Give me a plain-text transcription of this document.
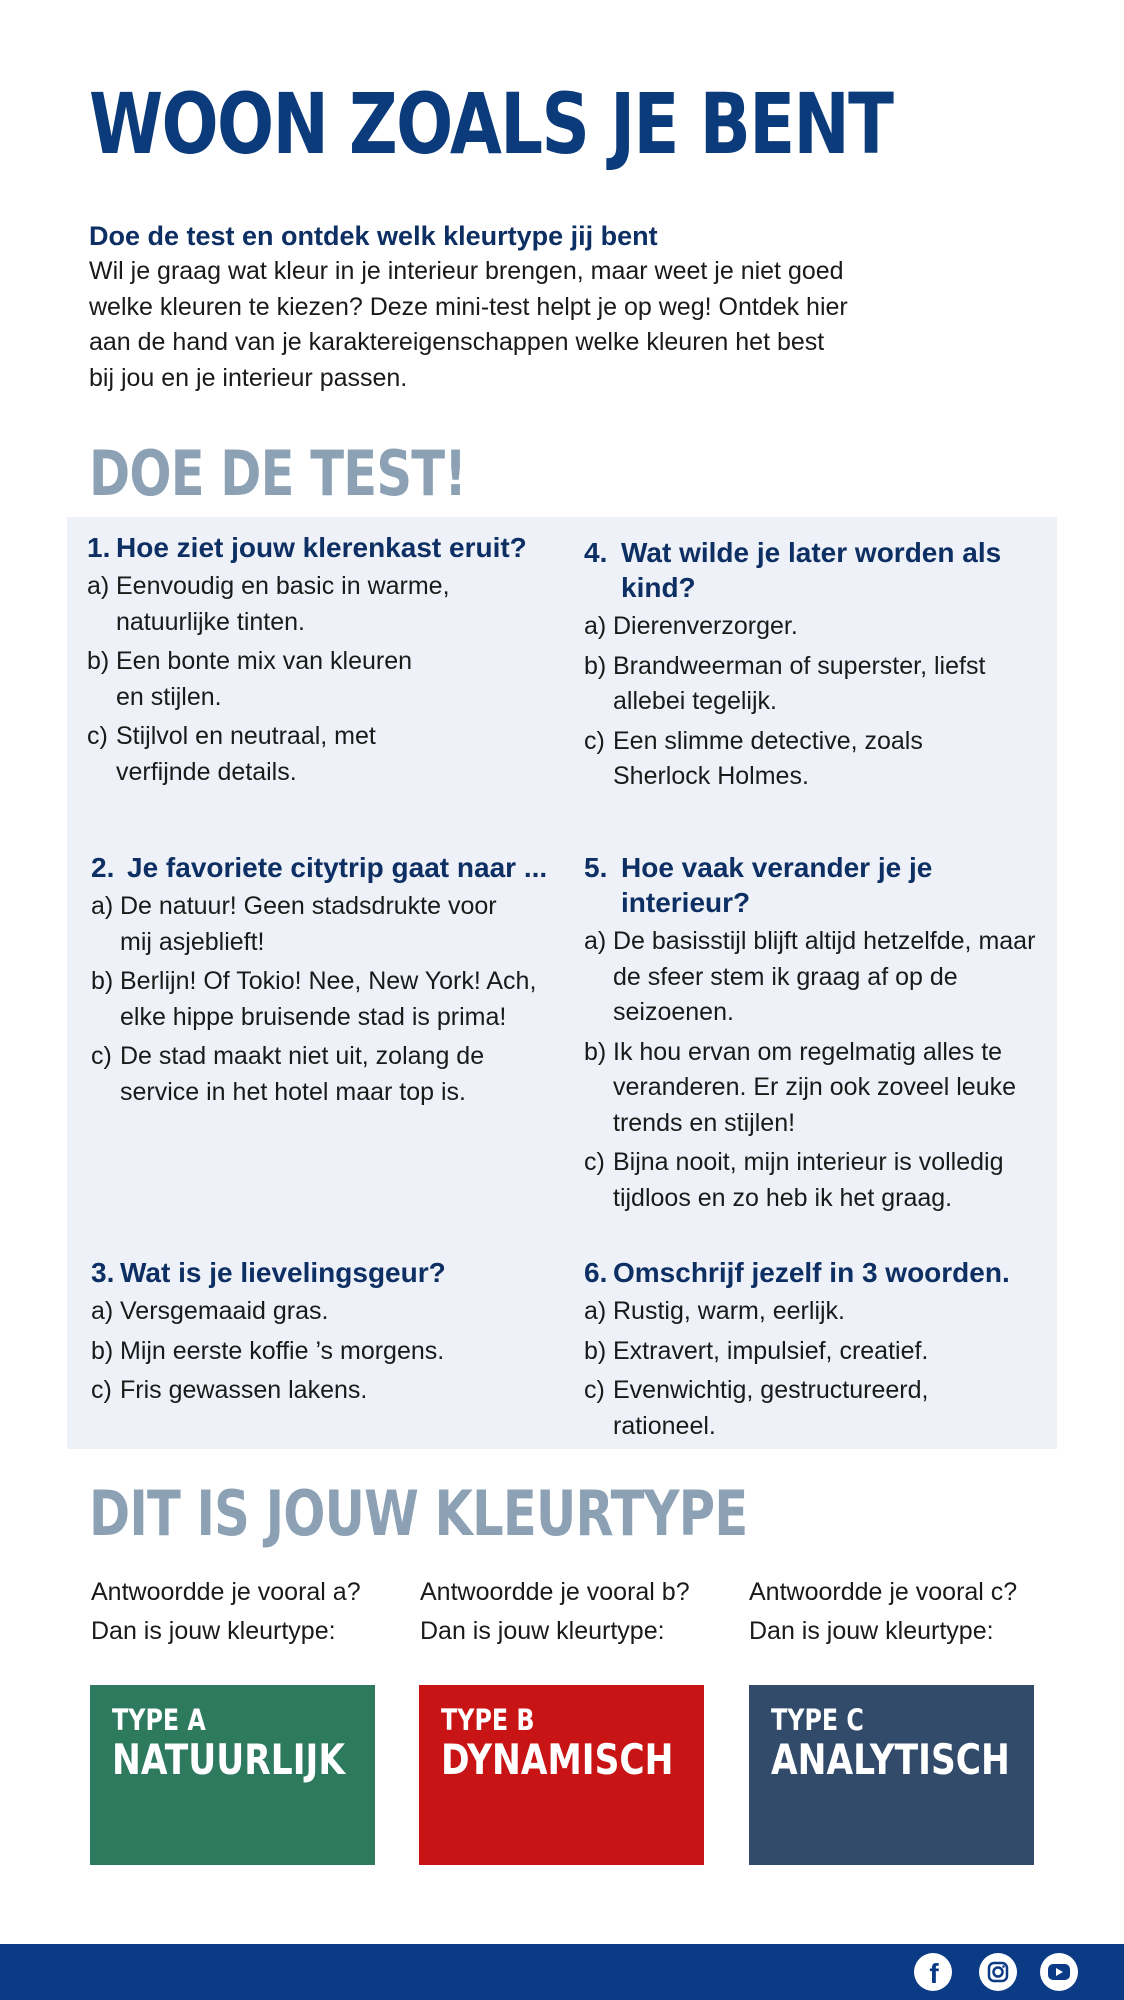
WOON ZOALS JE BENT

Doe de test en ontdek welk kleurtype jij bent

Wil je graag wat kleur in je interieur brengen, maar weet je niet goed welke kleuren te kiezen? Deze mini-test helpt je op weg! Ontdek hier aan de hand van je karaktereigenschappen welke kleuren het best bij jou en je interieur passen.

DOE DE TEST!

1. Hoe ziet jouw klerenkast eruit?

a) Eenvoudig en basic in warme, natuurlijke tinten.
b) Een bonte mix van kleuren en stijlen.
c) Stijlvol en neutraal, met verfijnde details.

2. Je favoriete citytrip gaat naar ...

a) De natuur! Geen stadsdrukte voor mij asjeblieft!
b) Berlijn! Of Tokio! Nee, New York! Ach, elke hippe bruisende stad is prima!
c) De stad maakt niet uit, zolang de service in het hotel maar top is.

3. Wat is je lievelingsgeur?

a) Versgemaaid gras.
b) Mijn eerste koffie ’s morgens.
c) Fris gewassen lakens.

4. Wat wilde je later worden als kind?

a) Dierenverzorger.
b) Brandweerman of superster, liefst allebei tegelijk.
c) Een slimme detective, zoals Sherlock Holmes.

5. Hoe vaak verander je je interieur?

a) De basisstijl blijft altijd hetzelfde, maar de sfeer stem ik graag af op de seizoenen.
b) Ik hou ervan om regelmatig alles te veranderen. Er zijn ook zoveel leuke trends en stijlen!
c) Bijna nooit, mijn interieur is volledig tijdloos en zo heb ik het graag.

6. Omschrijf jezelf in 3 woorden.

a) Rustig, warm, eerlijk.
b) Extravert, impulsief, creatief.
c) Evenwichtig, gestructureerd, rationeel.
DIT IS JOUW KLEURTYPE
Antwoordde je vooral a?
Dan is jouw kleurtype:
Antwoordde je vooral b?
Dan is jouw kleurtype:
Antwoordde je vooral c?
Dan is jouw kleurtype:
TYPE A
NATUURLIJK
TYPE B
DYNAMISCH
TYPE C
ANALYTISCH
f
